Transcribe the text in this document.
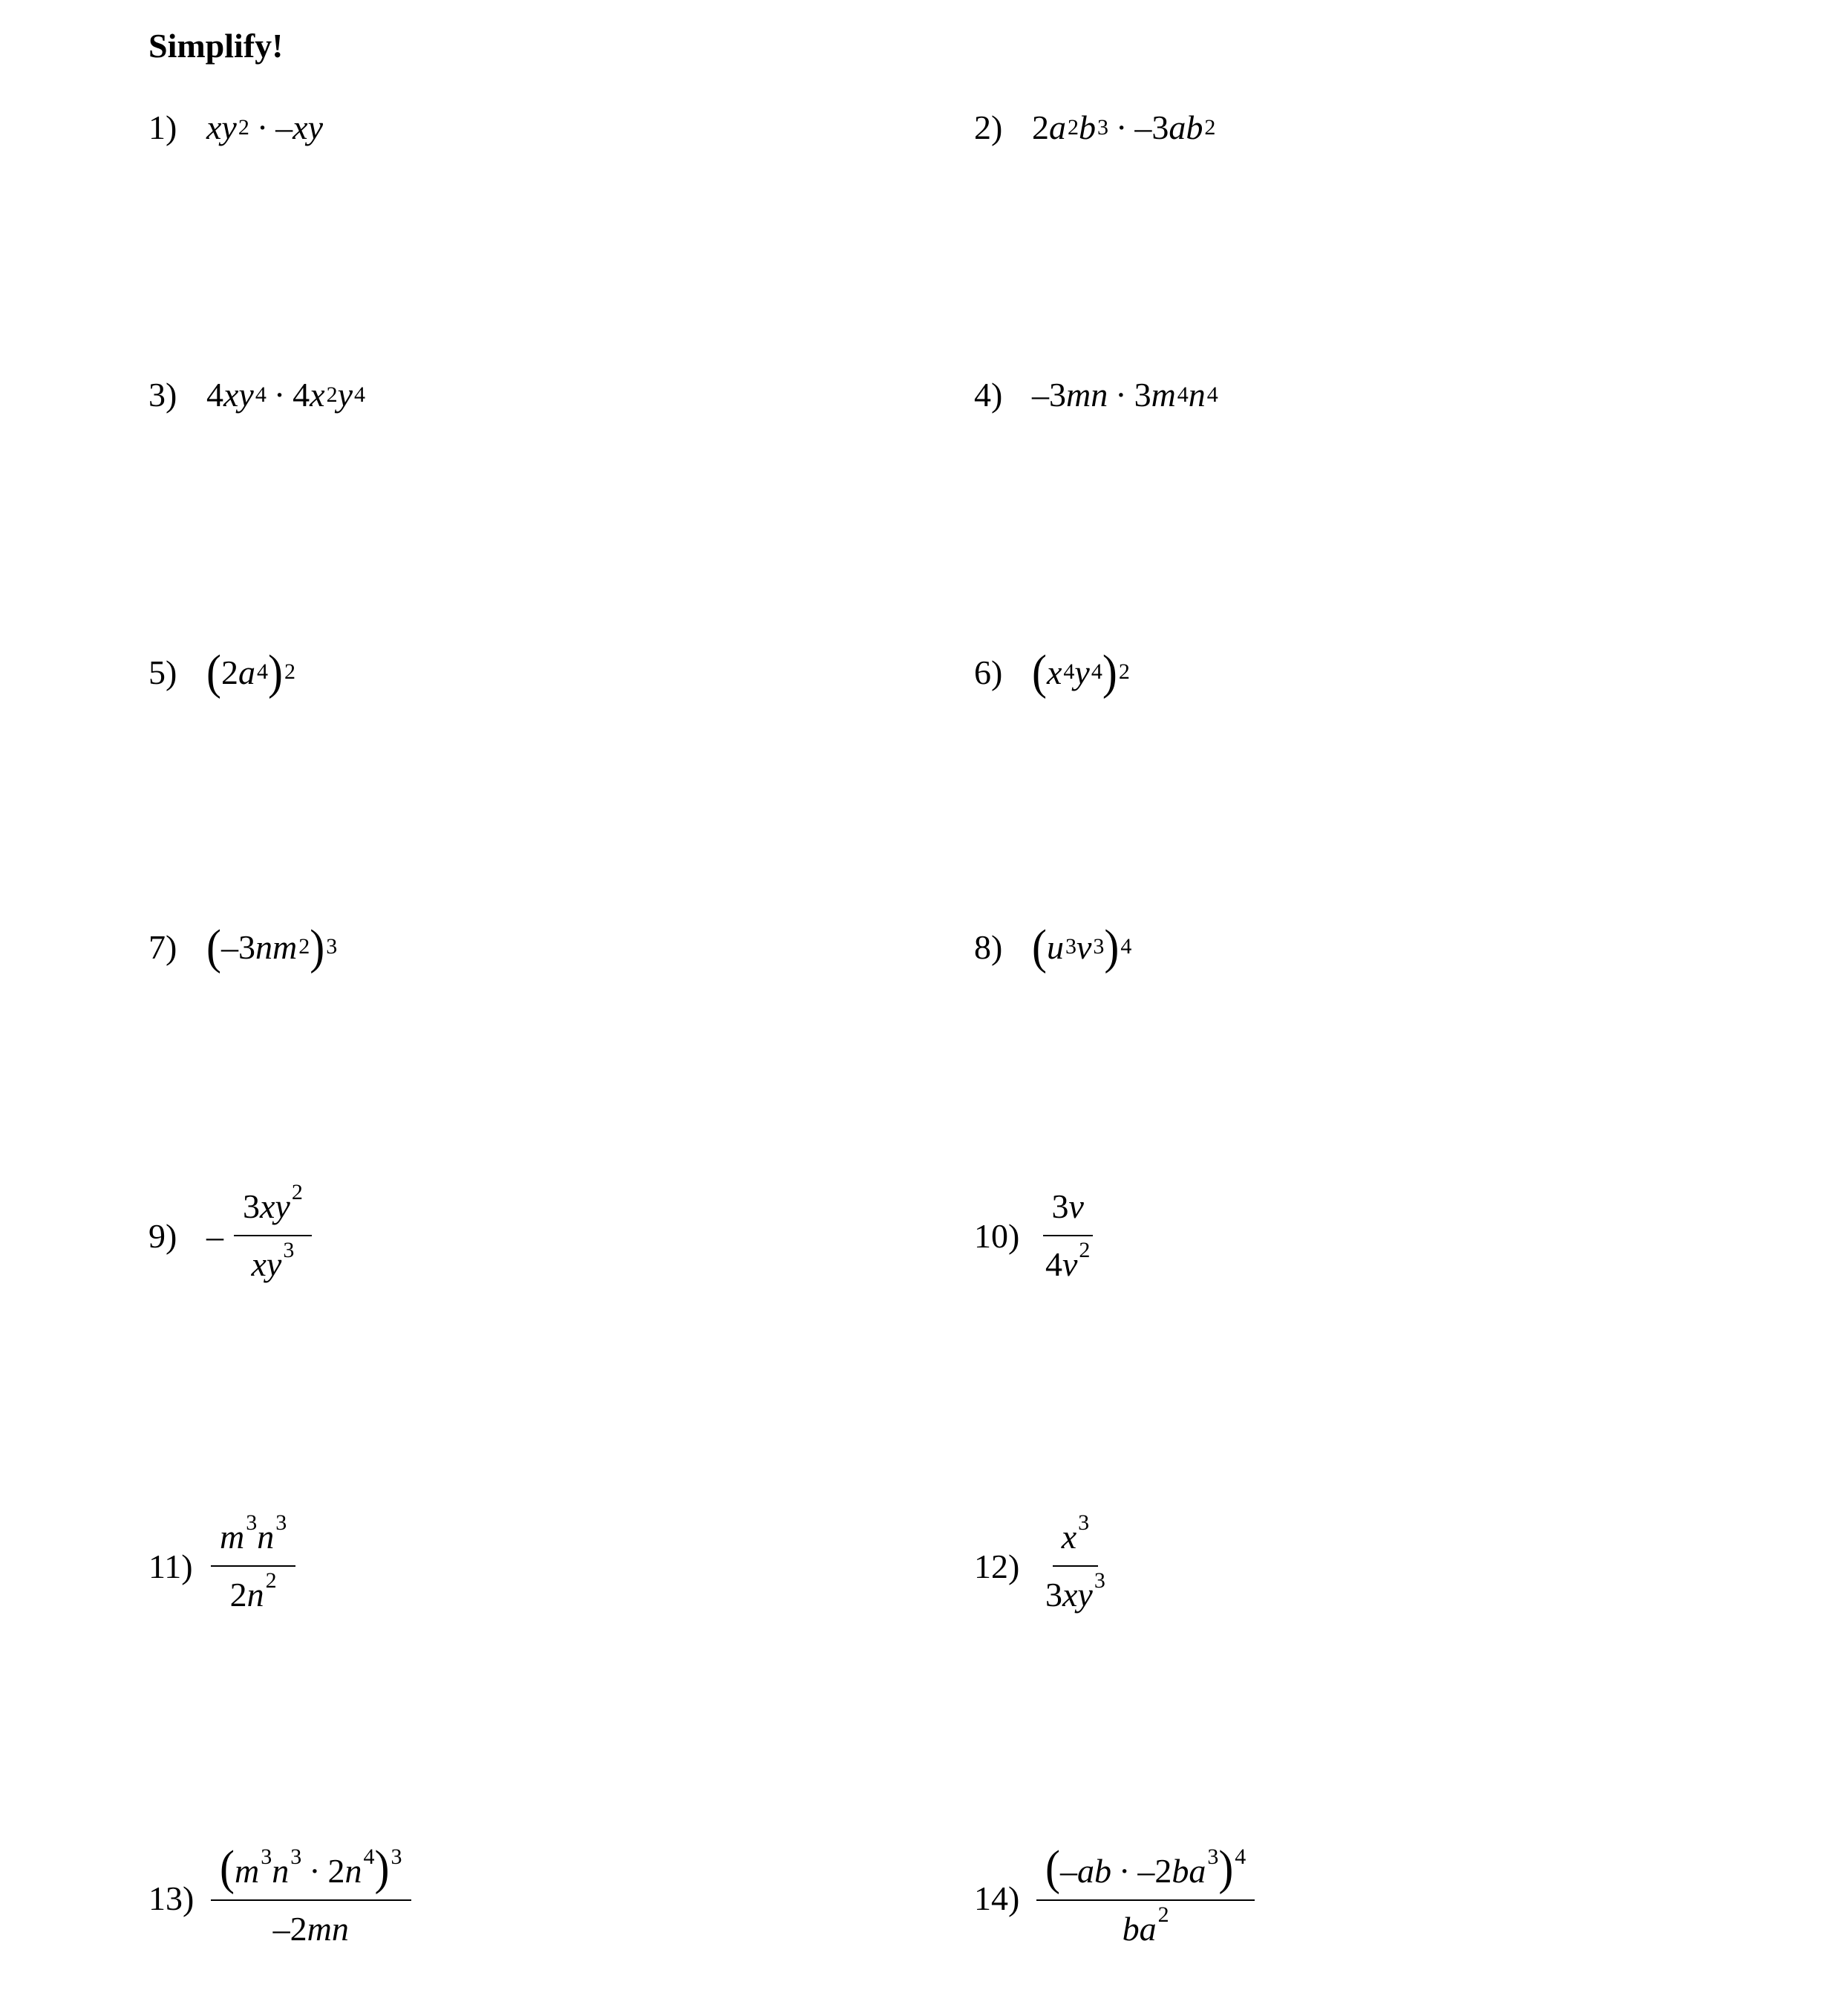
Simplify!
1) xy 2 · –xy	2) 2 a 2 b 3 · –3 ab 2
3) 4 xy 4 · 4 x 2 y 4	4) –3 mn · 3 m 4 n 4
5) ( 2 a 4 ) 2	6) ( x 4 y 4 ) 2
7) ( –3 nm 2 ) 3	8) ( u 3 v 3 ) 4
$9) - \frac{3xy^2}{xy^3}$	$10) \frac{3v}{4v^2}$
$11) \frac{m^3n^3}{2n^2}$	$12) \frac{x^3}{3xy^3}$
$13) \frac{(m^3n^3 \cdot 2n^4)^3}{-2mn}$	$14) \frac{(-ab \cdot -2ba^3)^4}{ba^2}$
